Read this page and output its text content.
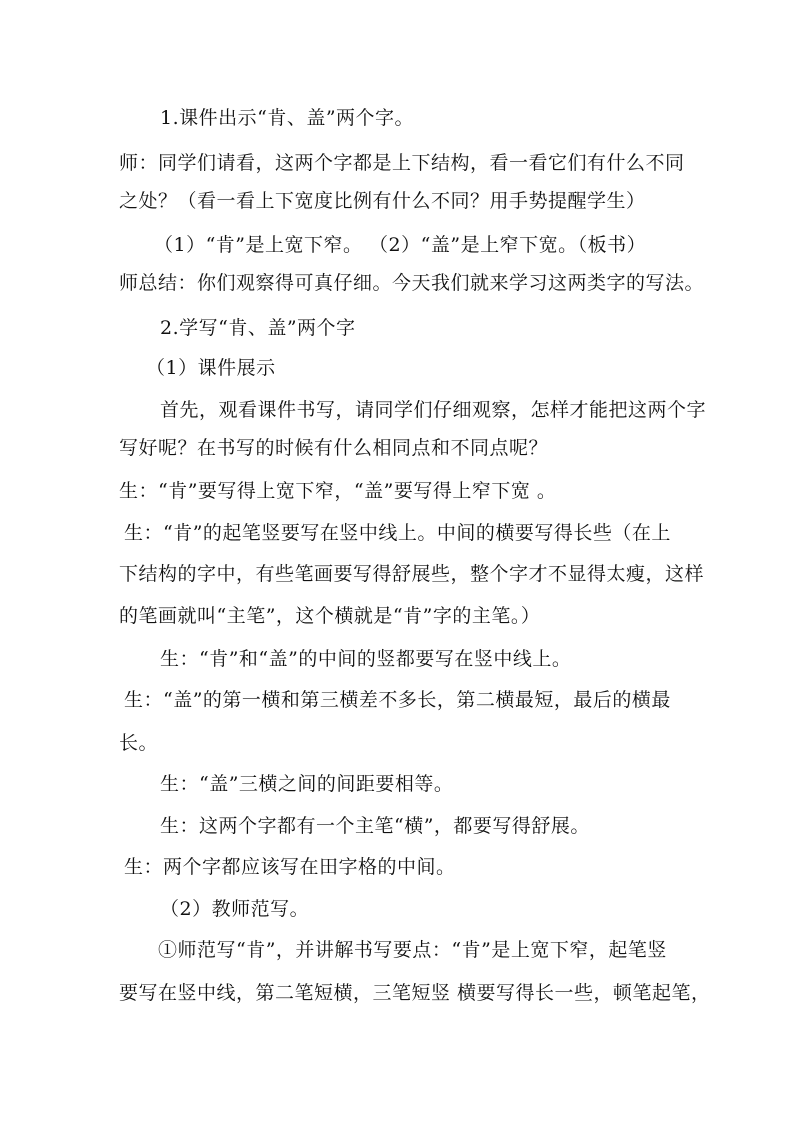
1.课件出示“肯、盖”两个字。
师：同学们请看，这两个字都是上下结构，看一看它们有什么不同
之处？（看一看上下宽度比例有什么不同？用手势提醒学生）
（1）“肯”是上宽下窄。 （2）“盖”是上窄下宽。（板书）
师总结：你们观察得可真仔细。今天我们就来学习这两类字的写法。
2.学写“肯、盖”两个字
（1）课件展示
首先，观看课件书写，请同学们仔细观察，怎样才能把这两个字
写好呢？在书写的时候有什么相同点和不同点呢？
生：“肯”要写得上宽下窄，“盖”要写得上窄下宽 。
生：“肯”的起笔竖要写在竖中线上。中间的横要写得长些（在上
下结构的字中，有些笔画要写得舒展些，整个字才不显得太瘦，这样
的笔画就叫“主笔”，这个横就是“肯”字的主笔。）
生：“肯”和“盖”的中间的竖都要写在竖中线上。
生：“盖”的第一横和第三横差不多长，第二横最短，最后的横最
长。
生：“盖”三横之间的间距要相等。
生：这两个字都有一个主笔“横”，都要写得舒展。
生：两个字都应该写在田字格的中间。
（2）教师范写。
①师范写“肯”，并讲解书写要点：“肯”是上宽下窄，起笔竖
要写在竖中线，第二笔短横，三笔短竖 横要写得长一些，顿笔起笔，
